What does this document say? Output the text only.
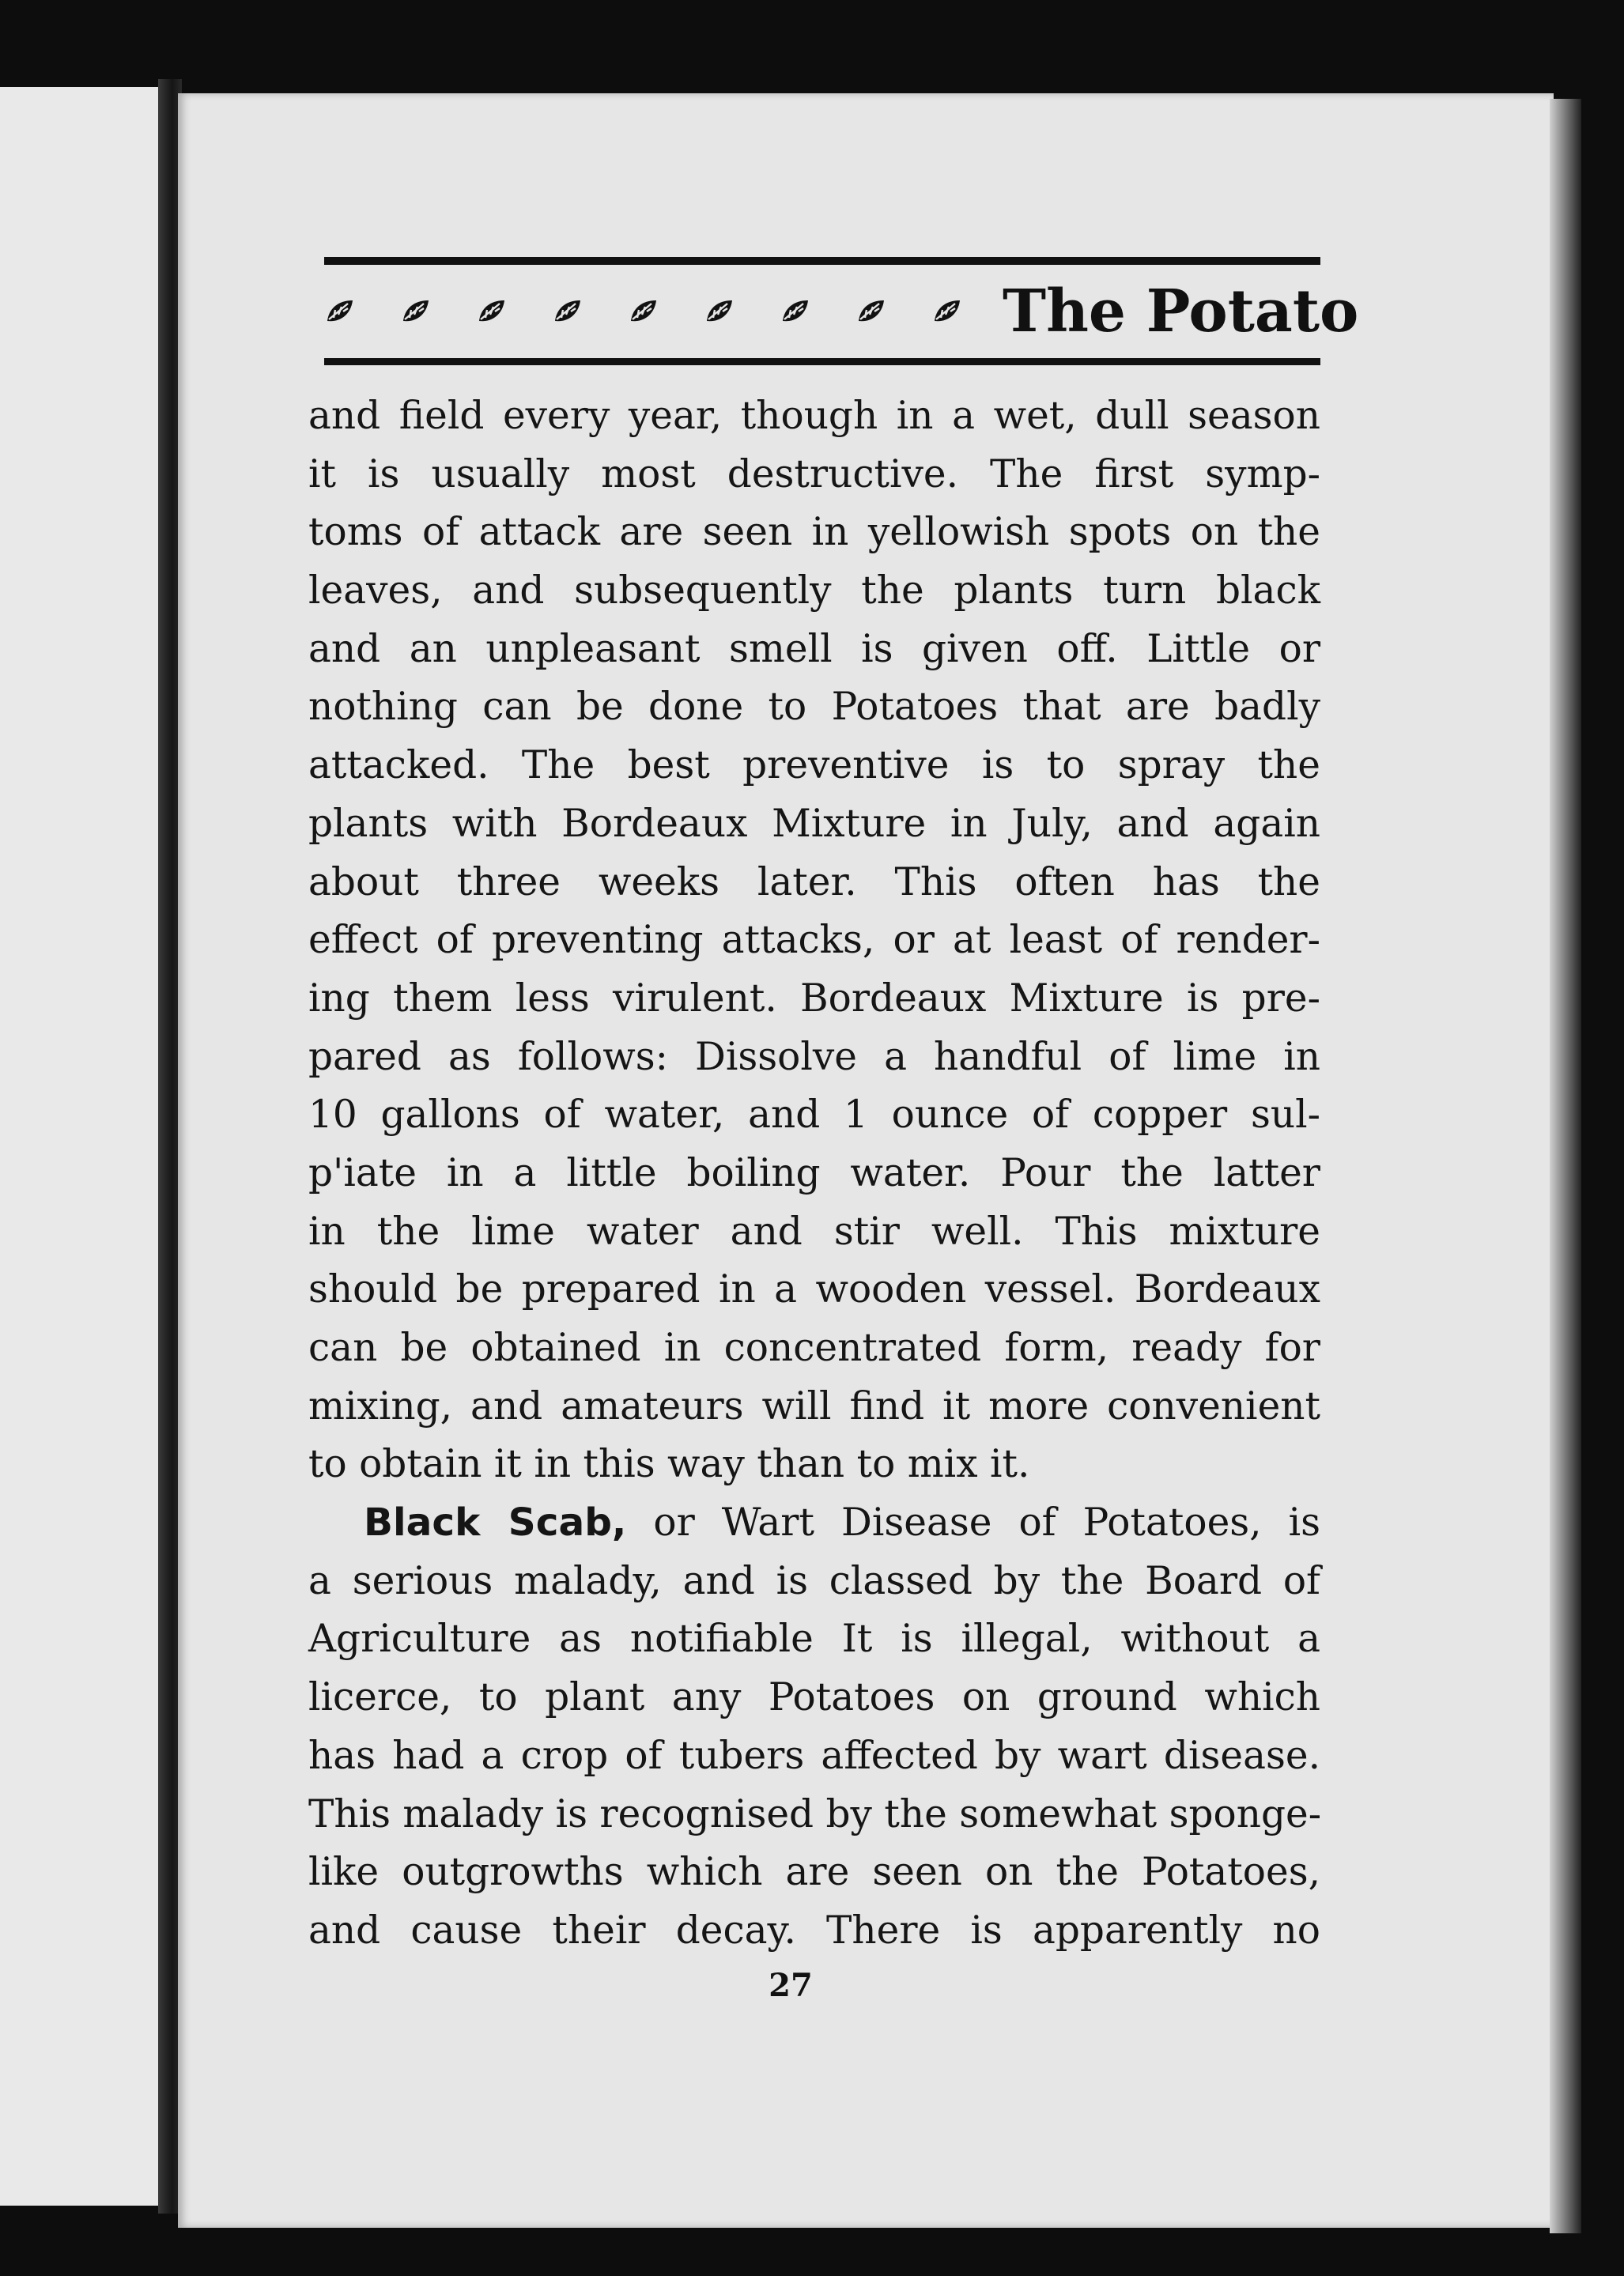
The Potato
and field every year, though in a wet, dull season
it is usually most destructive. The first symp-
toms of attack are seen in yellowish spots on the
leaves, and subsequently the plants turn black
and an unpleasant smell is given off. Little or
nothing can be done to Potatoes that are badly
attacked. The best preventive is to spray the
plants with Bordeaux Mixture in July, and again
about three weeks later. This often has the
effect of preventing attacks, or at least of render-
ing them less virulent. Bordeaux Mixture is pre-
pared as follows: Dissolve a handful of lime in
10 gallons of water, and 1 ounce of copper sul-
p'iate in a little boiling water. Pour the latter
in the lime water and stir well. This mixture
should be prepared in a wooden vessel. Bordeaux
can be obtained in concentrated form, ready for
mixing, and amateurs will find it more convenient
to obtain it in this way than to mix it.
Black Scab, or Wart Disease of Potatoes, is
a serious malady, and is classed by the Board of
Agriculture as notifiable It is illegal, without a
licerce, to plant any Potatoes on ground which
has had a crop of tubers affected by wart disease.
This malady is recognised by the somewhat sponge-
like outgrowths which are seen on the Potatoes,
and cause their decay. There is apparently no
27
